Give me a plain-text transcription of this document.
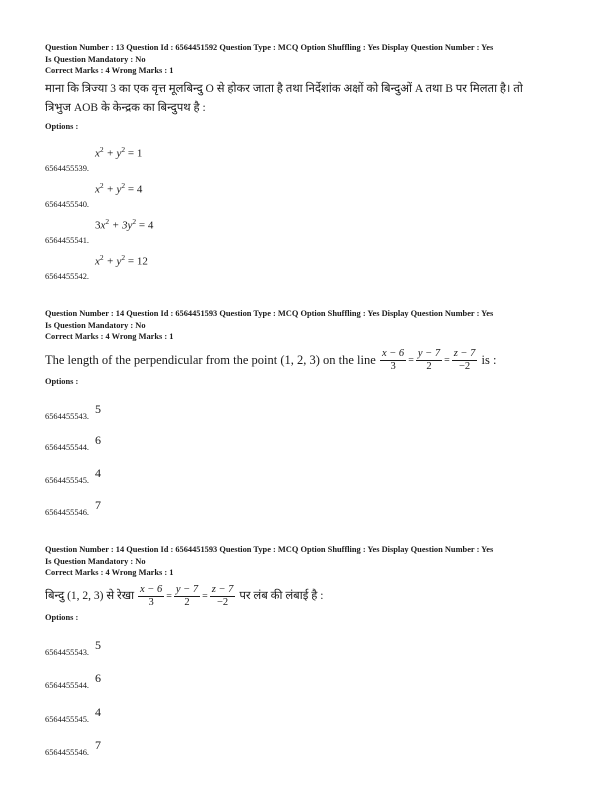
Question Number : 13 Question Id : 6564451592 Question Type : MCQ Option Shuffling : Yes Display Question Number : Yes
Is Question Mandatory : No
Correct Marks : 4 Wrong Marks : 1
माना कि त्रिज्या 3 का एक वृत्त मूलबिन्दु O से होकर जाता है तथा निर्देशांक अक्षों को बिन्दुओं A तथा B पर मिलता है। तो
त्रिभुज AOB के केन्द्रक का बिन्दुपथ है :
Options :
6564455539. $x^2 + y^2 = 1$
6564455540. $x^2 + y^2 = 4$
6564455541. $3x^2 + 3y^2 = 4$
6564455542. $x^2 + y^2 = 12$
Question Number : 14 Question Id : 6564451593 Question Type : MCQ Option Shuffling : Yes Display Question Number : Yes
Is Question Mandatory : No
Correct Marks : 4 Wrong Marks : 1
The length of the perpendicular from the point (1, 2, 3) on the line $\frac{x - 6}{3} = \frac{y - 7}{2} = \frac{z - 7}{-2}$ is :
Options :
6564455543. 5
6564455544. 6
6564455545. 4
6564455546. 7
Question Number : 14 Question Id : 6564451593 Question Type : MCQ Option Shuffling : Yes Display Question Number : Yes
Is Question Mandatory : No
Correct Marks : 4 Wrong Marks : 1
बिन्दु (1, 2, 3) से रेखा $\frac{x - 6}{3} = \frac{y - 7}{2} = \frac{z - 7}{-2}$ पर लंब की लंबाई है :
Options :
6564455543. 5
6564455544. 6
6564455545. 4
6564455546. 7
